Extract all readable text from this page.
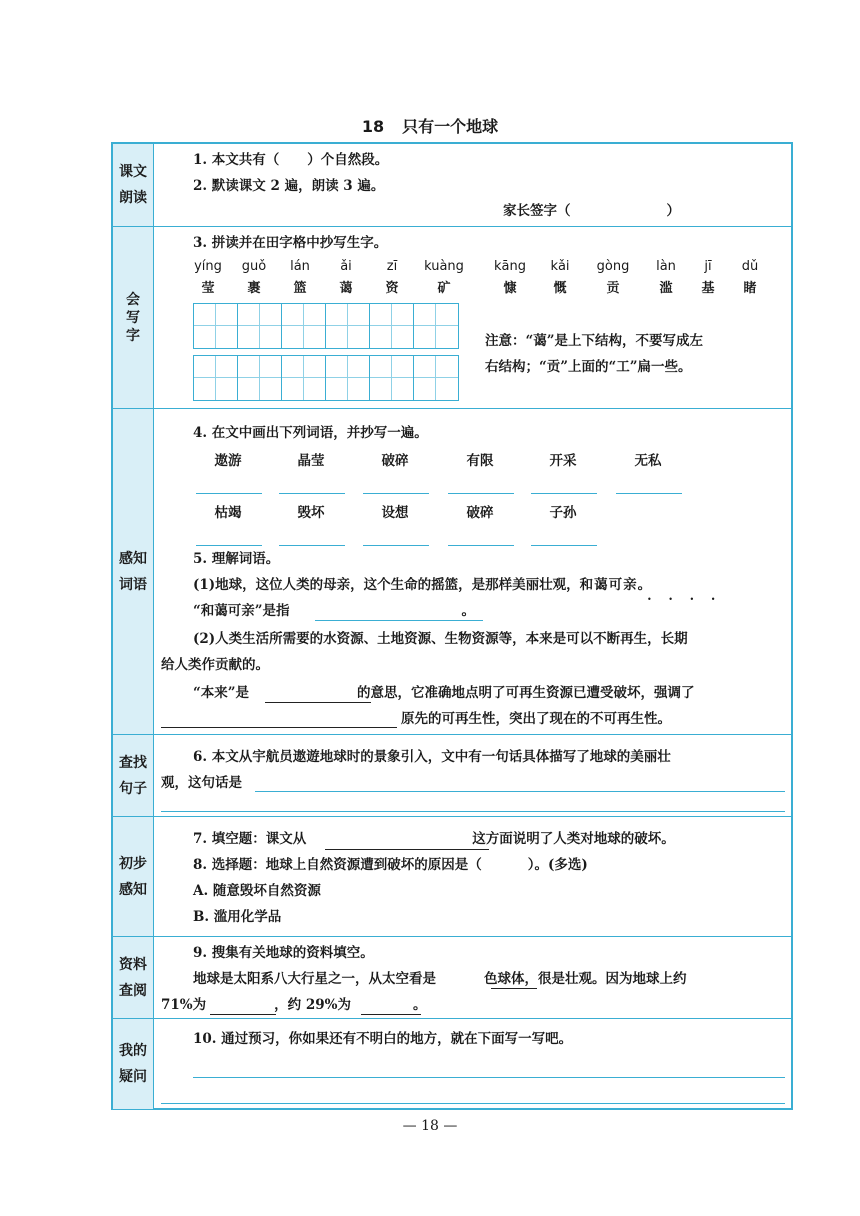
18 只有一个地球
课文朗读
1. 本文共有（ ）个自然段。
2. 默读课文 2 遍，朗读 3 遍。
家长签字（	）
会写字
3. 拼读并在田字格中抄写生字。
yíng	guǒ	lán	ǎi	zī	kuàng	kāng	kǎi	gòng	làn	jī	dǔ
莹	裹	篮	蔼	资	矿	慷	慨	贡	滥	基	睹
注意：“蔼”是上下结构，不要写成左
右结构；“贡”上面的“工”扁一些。
感知词语
4. 在文中画出下列词语，并抄写一遍。
遨游	晶莹	破碎	有限	开采	无私
枯竭	毁坏	设想	破碎	子孙
5. 理解词语。
(1)地球，这位人类的母亲，这个生命的摇篮，是那样美丽壮观，和蔼可亲。
• • • •
“和蔼可亲”是指	。
(2)人类生活所需要的水资源、土地资源、生物资源等，本来是可以不断再生，长期
给人类作贡献的。
“本来”是	的意思，它准确地点明了可再生资源已遭受破坏，强调了
原先的可再生性，突出了现在的不可再生性。
查找句子
6. 本文从宇航员遨遊地球时的景象引入，文中有一句话具体描写了地球的美丽壮
观，这句话是
初步感知
7. 填空题：课文从	这方面说明了人类对地球的破坏。
8. 选择题：地球上自然资源遭到破坏的原因是（	）。(多选)
A. 随意毁坏自然资源
B. 滥用化学品
资料查阅
9. 搜集有关地球的资料填空。
地球是太阳系八大行星之一，从太空看是	色球体，很是壮观。因为地球上约
71%为	，约 29%为	。
我的疑问
10. 通过预习，你如果还有不明白的地方，就在下面写一写吧。
— 18 —
